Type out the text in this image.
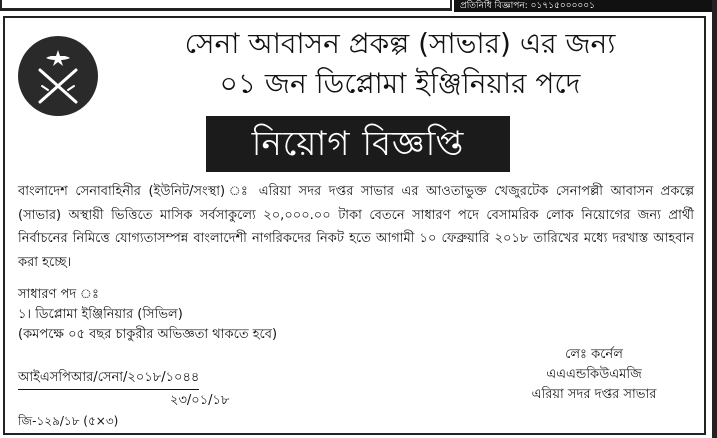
প্রতিনিধি বিজ্ঞাপন: ০১৭১৫০০০০০১
সেনা আবাসন প্রকল্প (সাভার) এর জন্য
০১ জন ডিপ্লোমা ইঞ্জিনিয়ার পদে
নিয়োগ বিজ্ঞপ্তি
বাংলাদেশ সেনাবাহিনীর (ইউনিট/সংস্থা) ঃ এরিয়া সদর দপ্তর সাভার এর আওতাভুক্ত খেজুরটেক সেনাপল্লী আবাসন প্রকল্পে (সাভার) অস্থায়ী ভিত্তিতে মাসিক সর্বসাকুল্যে ২০,০০০.০০ টাকা বেতনে সাধারণ পদে বেসামরিক লোক নিয়োগের জন্য প্রার্থী নির্বাচনের নিমিত্তে যোগ্যতাসম্পন্ন বাংলাদেশী নাগরিকদের নিকট হতে আগামী ১০ ফেব্রুয়ারি ২০১৮ তারিখের মধ্যে দরখাস্ত আহবান করা হচ্ছে।
সাধারণ পদ ঃ
১। ডিপ্লোমা ইঞ্জিনিয়ার (সিভিল)
(কমপক্ষে ০৫ বছর চাকুরীর অভিজ্ঞতা থাকতে হবে)
আইএসপিআর/সেনা/২০১৮/১০৪৪
২৩/০১/১৮
লেঃ কর্নেল
এএএন্ডকিউএমজি
এরিয়া সদর দপ্তর সাভার
জি-১২৯/১৮ (৫×৩)
